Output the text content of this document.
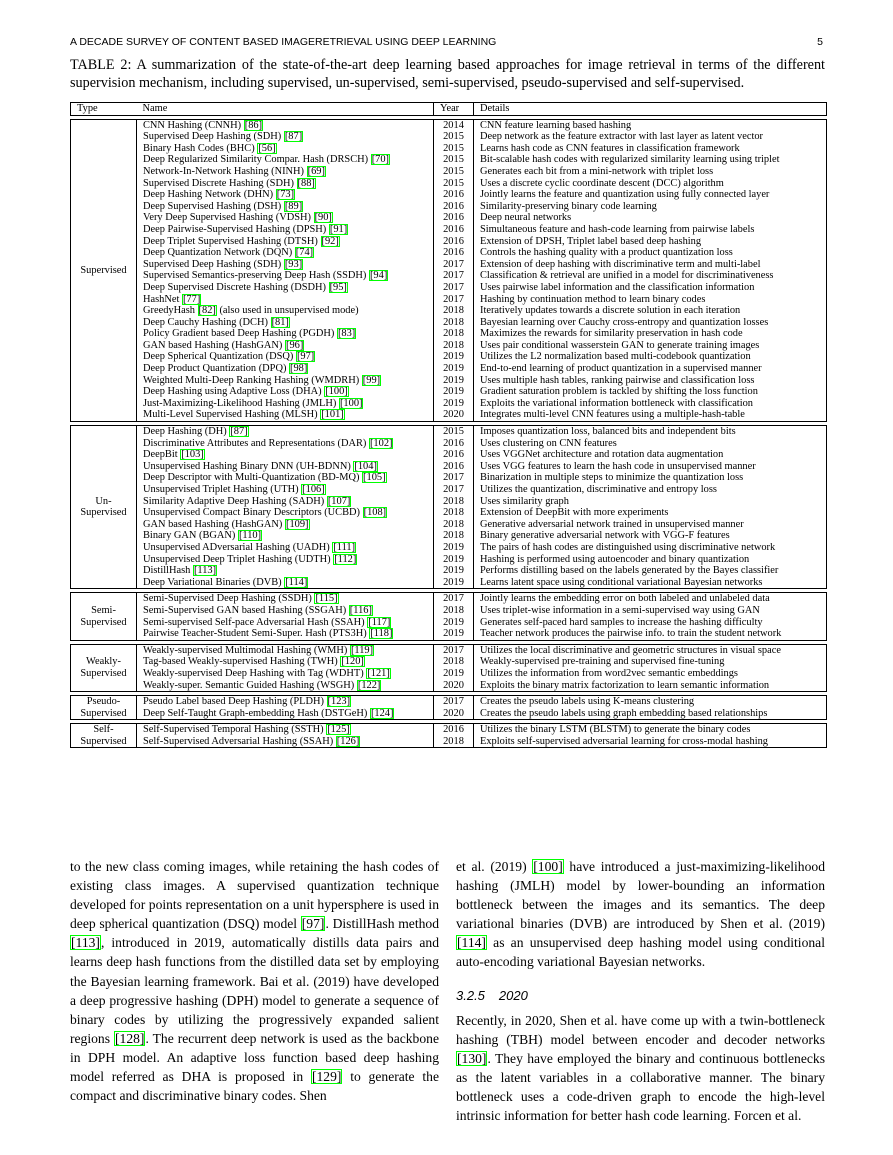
A DECADE SURVEY OF CONTENT BASED IMAGERETRIEVAL USING DEEP LEARNING	5
TABLE 2: A summarization of the state-of-the-art deep learning based approaches for image retrieval in terms of the different supervision mechanism, including supervised, un-supervised, semi-supervised, pseudo-supervised and self-supervised.
Type	Name	Year	Details

Supervised	CNN Hashing (CNNH) [86]	2014	CNN feature learning based hashing
	Supervised Deep Hashing (SDH) [87]	2015	Deep network as the feature extractor with last layer as latent vector
	Binary Hash Codes (BHC) [56]	2015	Learns hash code as CNN features in classification framework
	Deep Regularized Similarity Compar. Hash (DRSCH) [70]	2015	Bit-scalable hash codes with regularized similarity learning using triplet
	Network-In-Network Hashing (NINH) [69]	2015	Generates each bit from a mini-network with triplet loss
	Supervised Discrete Hashing (SDH) [88]	2015	Uses a discrete cyclic coordinate descent (DCC) algorithm
	Deep Hashing Network (DHN) [73]	2016	Jointly learns the feature and quantization using fully connected layer
	Deep Supervised Hashing (DSH) [89]	2016	Similarity-preserving binary code learning
	Very Deep Supervised Hashing (VDSH) [90]	2016	Deep neural networks
	Deep Pairwise-Supervised Hashing (DPSH) [91]	2016	Simultaneous feature and hash-code learning from pairwise labels
	Deep Triplet Supervised Hashing (DTSH) [92]	2016	Extension of DPSH, Triplet label based deep hashing
	Deep Quantization Network (DQN) [74]	2016	Controls the hashing quality with a product quantization loss
	Supervised Deep Hashing (SDH) [93]	2017	Extension of deep hashing with discriminative term and multi-label
	Supervised Semantics-preserving Deep Hash (SSDH) [94]	2017	Classification & retrieval are unified in a model for discriminativeness
	Deep Supervised Discrete Hashing (DSDH) [95]	2017	Uses pairwise label information and the classification information
	HashNet [77]	2017	Hashing by continuation method to learn binary codes
	GreedyHash [82] (also used in unsupervised mode)	2018	Iteratively updates towards a discrete solution in each iteration
	Deep Cauchy Hashing (DCH) [81]	2018	Bayesian learning over Cauchy cross-entropy and quantization losses
	Policy Gradient based Deep Hashing (PGDH) [83]	2018	Maximizes the rewards for similarity preservation in hash code
	GAN based Hashing (HashGAN) [96]	2018	Uses pair conditional wasserstein GAN to generate training images
	Deep Spherical Quantization (DSQ) [97]	2019	Utilizes the L2 normalization based multi-codebook quantization
	Deep Product Quantization (DPQ) [98]	2019	End-to-end learning of product quantization in a supervised manner
	Weighted Multi-Deep Ranking Hashing (WMDRH) [99]	2019	Uses multiple hash tables, ranking pairwise and classification loss
	Deep Hashing using Adaptive Loss (DHA) [100]	2019	Gradient saturation problem is tackled by shifting the loss function
	Just-Maximizing-Likelihood Hashing (JMLH) [100]	2019	Exploits the variational information bottleneck with classification
	Multi-Level Supervised Hashing (MLSH) [101]	2020	Integrates multi-level CNN features using a multiple-hash-table

Un-Supervised	Deep Hashing (DH) [87]	2015	Imposes quantization loss, balanced bits and independent bits
	Discriminative Attributes and Representations (DAR) [102]	2016	Uses clustering on CNN features
	DeepBit [103]	2016	Uses VGGNet architecture and rotation data augmentation
	Unsupervised Hashing Binary DNN (UH-BDNN) [104]	2016	Uses VGG features to learn the hash code in unsupervised manner
	Deep Descriptor with Multi-Quantization (BD-MQ) [105]	2017	Binarization in multiple steps to minimize the quantization loss
	Unsupervised Triplet Hashing (UTH) [106]	2017	Utilizes the quantization, discriminative and entropy loss
	Similarity Adaptive Deep Hashing (SADH) [107]	2018	Uses similarity graph
	Unsupervised Compact Binary Descriptors (UCBD) [108]	2018	Extension of DeepBit with more experiments
	GAN based Hashing (HashGAN) [109]	2018	Generative adversarial network trained in unsupervised manner
	Binary GAN (BGAN) [110]	2018	Binary generative adversarial network with VGG-F features
	Unsupervised ADversarial Hashing (UADH) [111]	2019	The pairs of hash codes are distinguished using discriminative network
	Unsupervised Deep Triplet Hashing (UDTH) [112]	2019	Hashing is performed using autoencoder and binary quantization
	DistillHash [113]	2019	Performs distilling based on the labels generated by the Bayes classifier
	Deep Variational Binaries (DVB) [114]	2019	Learns latent space using conditional variational Bayesian networks

Semi-Supervised	Semi-Supervised Deep Hashing (SSDH) [115]	2017	Jointly learns the embedding error on both labeled and unlabeled data
	Semi-Supervised GAN based Hashing (SSGAH) [116]	2018	Uses triplet-wise information in a semi-supervised way using GAN
	Semi-supervised Self-pace Adversarial Hash (SSAH) [117]	2019	Generates self-paced hard samples to increase the hashing difficulty
	Pairwise Teacher-Student Semi-Super. Hash (PTS3H) [118]	2019	Teacher network produces the pairwise info. to train the student network

Weakly-Supervised	Weakly-supervised Multimodal Hashing (WMH) [119]	2017	Utilizes the local discriminative and geometric structures in visual space
	Tag-based Weakly-supervised Hashing (TWH) [120]	2018	Weakly-supervised pre-training and supervised fine-tuning
	Weakly-supervised Deep Hashing with Tag (WDHT) [121]	2019	Utilizes the information from word2vec semantic embeddings
	Weakly-super. Semantic Guided Hashing (WSGH) [122]	2020	Exploits the binary matrix factorization to learn semantic information

Pseudo-Supervised	Pseudo Label based Deep Hashing (PLDH) [123]	2017	Creates the pseudo labels using K-means clustering
	Deep Self-Taught Graph-embedding Hash (DSTGeH) [124]	2020	Creates the pseudo labels using graph embedding based relationships

Self-Supervised	Self-Supervised Temporal Hashing (SSTH) [125]	2016	Utilizes the binary LSTM (BLSTM) to generate the binary codes
	Self-Supervised Adversarial Hashing (SSAH) [126]	2018	Exploits self-supervised adversarial learning for cross-modal hashing

to the new class coming images, while retaining the hash codes of existing class images. A supervised quantization technique developed for points representation on a unit hypersphere is used in deep spherical quantization (DSQ) model [97]. DistillHash method [113], introduced in 2019, automatically distills data pairs and learns deep hash functions from the distilled data set by employing the Bayesian learning framework. Bai et al. (2019) have developed a deep progressive hashing (DPH) model to generate a sequence of binary codes by utilizing the progressively expanded salient regions [128]. The recurrent deep network is used as the backbone in DPH model. An adaptive loss function based deep hashing model referred as DHA is proposed in [129] to generate the compact and discriminative binary codes. Shen

et al. (2019) [100] have introduced a just-maximizing-likelihood hashing (JMLH) model by lower-bounding an information bottleneck between the images and its semantics. The deep variational binaries (DVB) are introduced by Shen et al. (2019) [114] as an unsupervised deep hashing model using conditional auto-encoding variational Bayesian networks.

3.2.5 2020

Recently, in 2020, Shen et al. have come up with a twin-bottleneck hashing (TBH) model between encoder and decoder networks [130]. They have employed the binary and continuous bottlenecks as the latent variables in a collaborative manner. The binary bottleneck uses a code-driven graph to encode the high-level intrinsic information for better hash code learning. Forcen et al.
